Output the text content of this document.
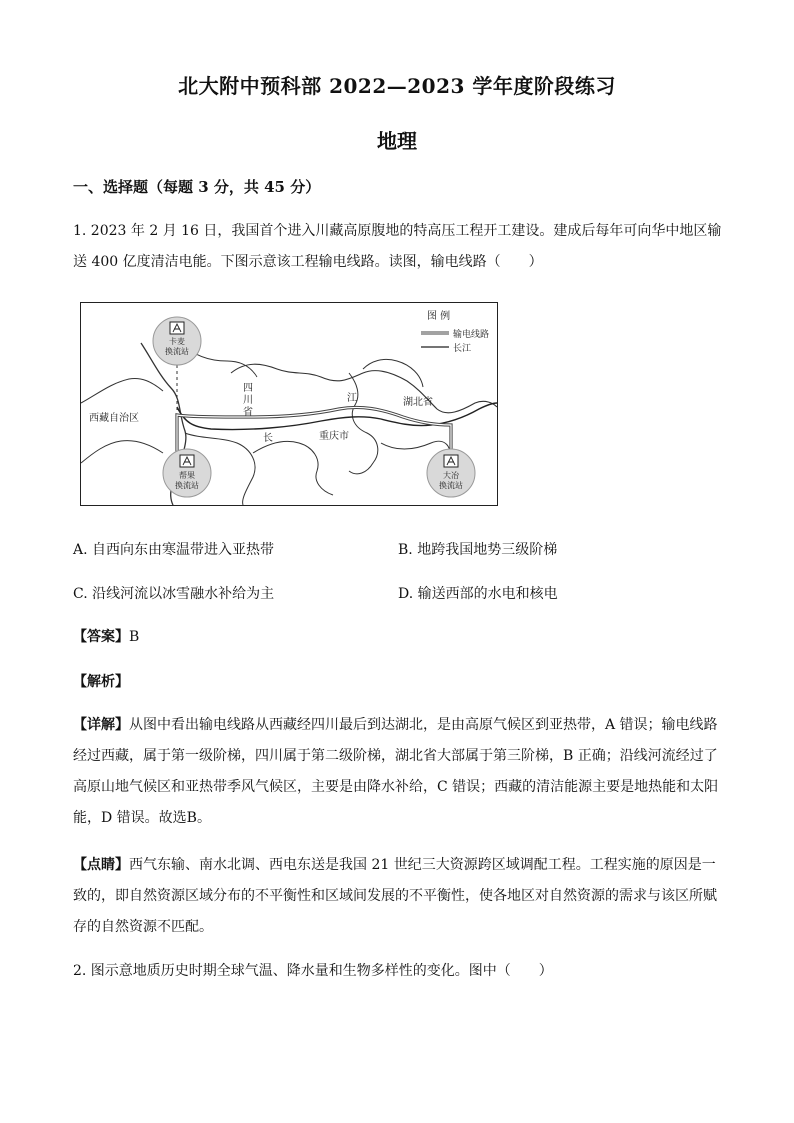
北大附中预科部 2022—2023 学年度阶段练习
地理
一、选择题（每题 3 分，共 45 分）
1. 2023 年 2 月 16 日，我国首个进入川藏高原腹地的特高压工程开工建设。建成后每年可向华中地区输送 400 亿度清洁电能。下图示意该工程输电线路。读图，输电线路（　　）
图 例
输电线路
长江
卡麦
换流站
帮果
换流站
大冶
换流站
西藏自治区
四
川
省
湖北省
重庆市
长
江
A. 自西向东由寒温带进入亚热带	B. 地跨我国地势三级阶梯
C. 沿线河流以冰雪融水补给为主	D. 输送西部的水电和核电
【答案】B
【解析】
【详解】从图中看出输电线路从西藏经四川最后到达湖北，是由高原气候区到亚热带，A 错误；输电线路经过西藏，属于第一级阶梯，四川属于第二级阶梯，湖北省大部属于第三阶梯，B 正确；沿线河流经过了高原山地气候区和亚热带季风气候区，主要是由降水补给，C 错误；西藏的清洁能源主要是地热能和太阳能，D 错误。故选B。
【点睛】西气东输、南水北调、西电东送是我国 21 世纪三大资源跨区域调配工程。工程实施的原因是一致的，即自然资源区域分布的不平衡性和区域间发展的不平衡性，使各地区对自然资源的需求与该区所赋存的自然资源不匹配。
2. 图示意地质历史时期全球气温、降水量和生物多样性的变化。图中（　　）
